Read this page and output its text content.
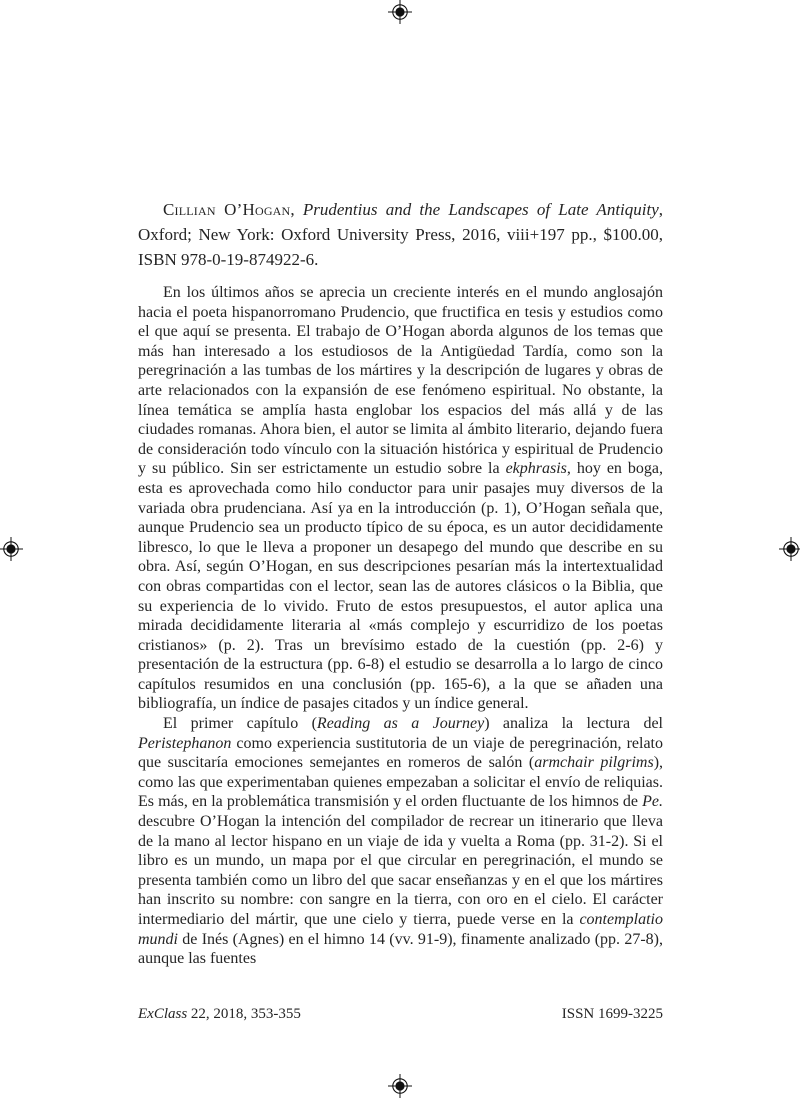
Cillian O’Hogan, Prudentius and the Landscapes of Late Antiquity, Oxford; New York: Oxford University Press, 2016, viii+197 pp., $100.00, ISBN 978-0-19-874922-6.

En los últimos años se aprecia un creciente interés en el mundo anglosajón hacia el poeta hispanorromano Prudencio, que fructifica en tesis y estudios como el que aquí se presenta. El trabajo de O’Hogan aborda algunos de los temas que más han interesado a los estudiosos de la Antigüedad Tardía, como son la peregrinación a las tumbas de los mártires y la descripción de lugares y obras de arte relacionados con la expansión de ese fenómeno espiritual. No obstante, la línea temática se amplía hasta englobar los espacios del más allá y de las ciudades romanas. Ahora bien, el autor se limita al ámbito literario, dejando fuera de consideración todo vínculo con la situación histórica y espiritual de Prudencio y su público. Sin ser estrictamente un estudio sobre la ekphrasis, hoy en boga, esta es aprovechada como hilo conductor para unir pasajes muy diversos de la variada obra prudenciana. Así ya en la introducción (p. 1), O’Hogan señala que, aunque Prudencio sea un producto típico de su época, es un autor decididamente libresco, lo que le lleva a proponer un desapego del mundo que describe en su obra. Así, según O’Hogan, en sus descripciones pesarían más la intertextualidad con obras compartidas con el lector, sean las de autores clásicos o la Biblia, que su experiencia de lo vivido. Fruto de estos presupuestos, el autor aplica una mirada decididamente literaria al «más complejo y escurridizo de los poetas cristianos» (p. 2). Tras un brevísimo estado de la cuestión (pp. 2-6) y presentación de la estructura (pp. 6-8) el estudio se desarrolla a lo largo de cinco capítulos resumidos en una conclusión (pp. 165-6), a la que se añaden una bibliografía, un índice de pasajes citados y un índice general.

El primer capítulo (Reading as a Journey) analiza la lectura del Peristephanon como experiencia sustitutoria de un viaje de peregrinación, relato que suscitaría emociones semejantes en romeros de salón (armchair pilgrims), como las que experimentaban quienes empezaban a solicitar el envío de reliquias. Es más, en la problemática transmisión y el orden fluctuante de los himnos de Pe. descubre O’Hogan la intención del compilador de recrear un itinerario que lleva de la mano al lector hispano en un viaje de ida y vuelta a Roma (pp. 31-2). Si el libro es un mundo, un mapa por el que circular en peregrinación, el mundo se presenta también como un libro del que sacar enseñanzas y en el que los mártires han inscrito su nombre: con sangre en la tierra, con oro en el cielo. El carácter intermediario del mártir, que une cielo y tierra, puede verse en la contemplatio mundi de Inés (Agnes) en el himno 14 (vv. 91-9), finamente analizado (pp. 27-8), aunque las fuentes

ExClass 22, 2018, 353-355	ISSN 1699-3225
